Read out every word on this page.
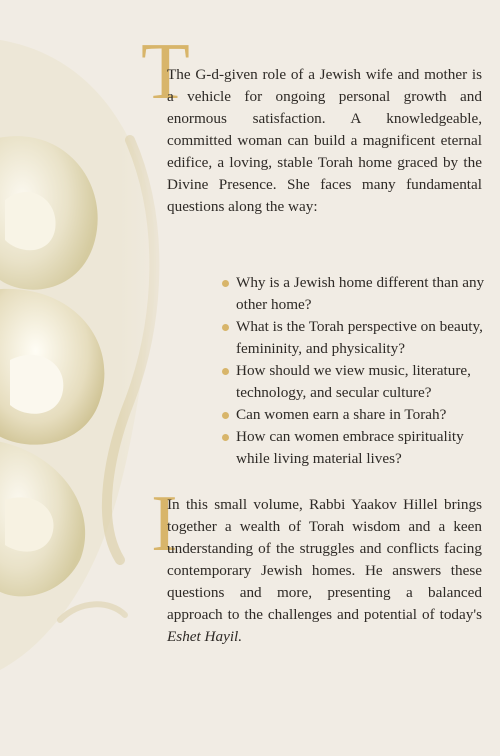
T

The G-d-given role of a Jewish wife and mother is a vehicle for ongoing personal growth and enormous satisfaction. A knowledgeable, committed woman can build a magnificent eternal edifice, a loving, stable Torah home graced by the Divine Presence. She faces many fundamental questions along the way:

Why is a Jewish home different than any other home?
What is the Torah perspective on beauty, femininity, and physicality?
How should we view music, literature, technology, and secular culture?
Can women earn a share in Torah?
How can women embrace spirituality while living material lives?
I

In this small volume, Rabbi Yaakov Hillel brings together a wealth of Torah wisdom and a keen understanding of the struggles and conflicts facing contemporary Jewish homes. He answers these questions and more, presenting a balanced approach to the challenges and potential of today's Eshet Hayil.
